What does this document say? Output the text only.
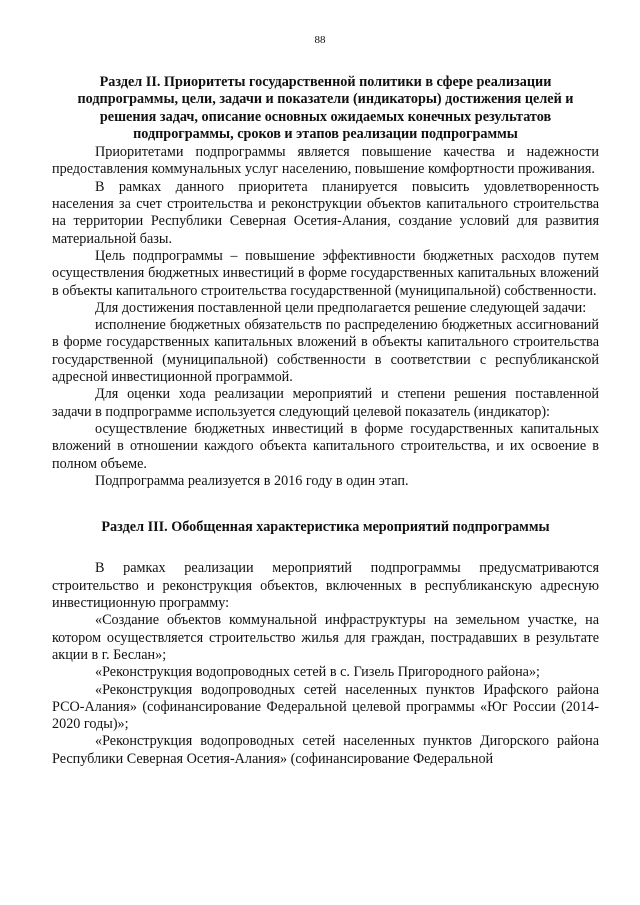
88

Раздел II. Приоритеты государственной политики в сфере реализации подпрограммы, цели, задачи и показатели (индикаторы) достижения целей и решения задач, описание основных ожидаемых конечных результатов подпрограммы, сроков и этапов реализации подпрограммы

Приоритетами подпрограммы является повышение качества и надежности предоставления коммунальных услуг населению, повышение комфортности проживания.

В рамках данного приоритета планируется повысить удовлетворенность населения за счет строительства и реконструкции объектов капитального строительства на территории Республики Северная Осетия-Алания, создание условий для развития материальной базы.

Цель подпрограммы – повышение эффективности бюджетных расходов путем осуществления бюджетных инвестиций в форме государственных капитальных вложений в объекты капитального строительства государственной (муниципальной) собственности.

Для достижения поставленной цели предполагается решение следующей задачи:

исполнение бюджетных обязательств по распределению бюджетных ассигнований в форме государственных капитальных вложений в объекты капитального строительства государственной (муниципальной) собственности в соответствии с республиканской адресной инвестиционной программой.

Для оценки хода реализации мероприятий и степени решения поставленной задачи в подпрограмме используется следующий целевой показатель (индикатор):

осуществление бюджетных инвестиций в форме государственных капитальных вложений в отношении каждого объекта капитального строительства, и их освоение в полном объеме.

Подпрограмма реализуется в 2016 году в один этап.

Раздел III. Обобщенная характеристика мероприятий подпрограммы

В рамках реализации мероприятий подпрограммы предусматриваются строительство и реконструкция объектов, включенных в республиканскую адресную инвестиционную программу:

«Создание объектов коммунальной инфраструктуры на земельном участке, на котором осуществляется строительство жилья для граждан, пострадавших в результате акции в г. Беслан»;

«Реконструкция водопроводных сетей в с. Гизель Пригородного района»;

«Реконструкция водопроводных сетей населенных пунктов Ирафского района РСО-Алания» (софинансирование Федеральной целевой программы «Юг России (2014-2020 годы)»;

«Реконструкция водопроводных сетей населенных пунктов Дигорского района Республики Северная Осетия-Алания» (софинансирование Федеральной
